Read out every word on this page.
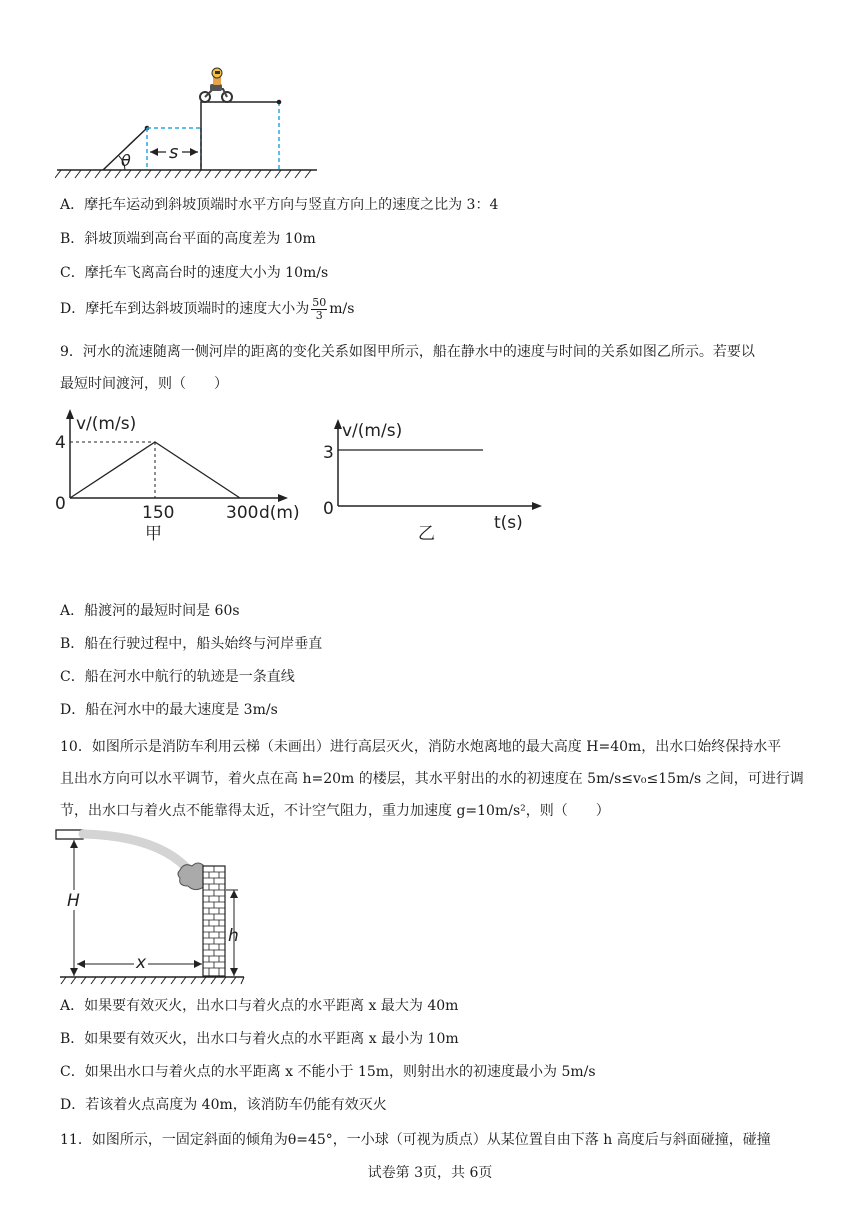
θ s
A．摩托车运动到斜坡顶端时水平方向与竖直方向上的速度之比为 3：4
B．斜坡顶端到高台平面的高度差为 10m
C．摩托车飞离高台时的速度大小为 10m/s
D．摩托车到达斜坡顶端时的速度大小为 $\frac{50}{3} m/s$
9．河水的流速随离一侧河岸的距离的变化关系如图甲所示，船在静水中的速度与时间的关系如图乙所示。若要以
最短时间渡河，则（　　）
v/(m/s)
4
0	150	300 d(m)
甲
v/(m/s)
3
0
t(s)
乙
A．船渡河的最短时间是 60s
B．船在行驶过程中，船头始终与河岸垂直
C．船在河水中航行的轨迹是一条直线
D．船在河水中的最大速度是 3m/s
10．如图所示是消防车利用云梯（未画出）进行高层灭火，消防水炮离地的最大高度 H=40m，出水口始终保持水平
且出水方向可以水平调节，着火点在高 h=20m 的楼层，其水平射出的水的初速度在 5m/s≤v₀≤15m/s 之间，可进行调
节，出水口与着火点不能靠得太近，不计空气阻力，重力加速度 g=10m/s²，则（　　）
H
x
h
A．如果要有效灭火，出水口与着火点的水平距离 x 最大为 40m
B．如果要有效灭火，出水口与着火点的水平距离 x 最小为 10m
C．如果出水口与着火点的水平距离 x 不能小于 15m，则射出水的初速度最小为 5m/s
D．若该着火点高度为 40m，该消防车仍能有效灭火
11．如图所示，一固定斜面的倾角为θ=45°，一小球（可视为质点）从某位置自由下落 h 高度后与斜面碰撞，碰撞
试卷第 3页，共 6页
